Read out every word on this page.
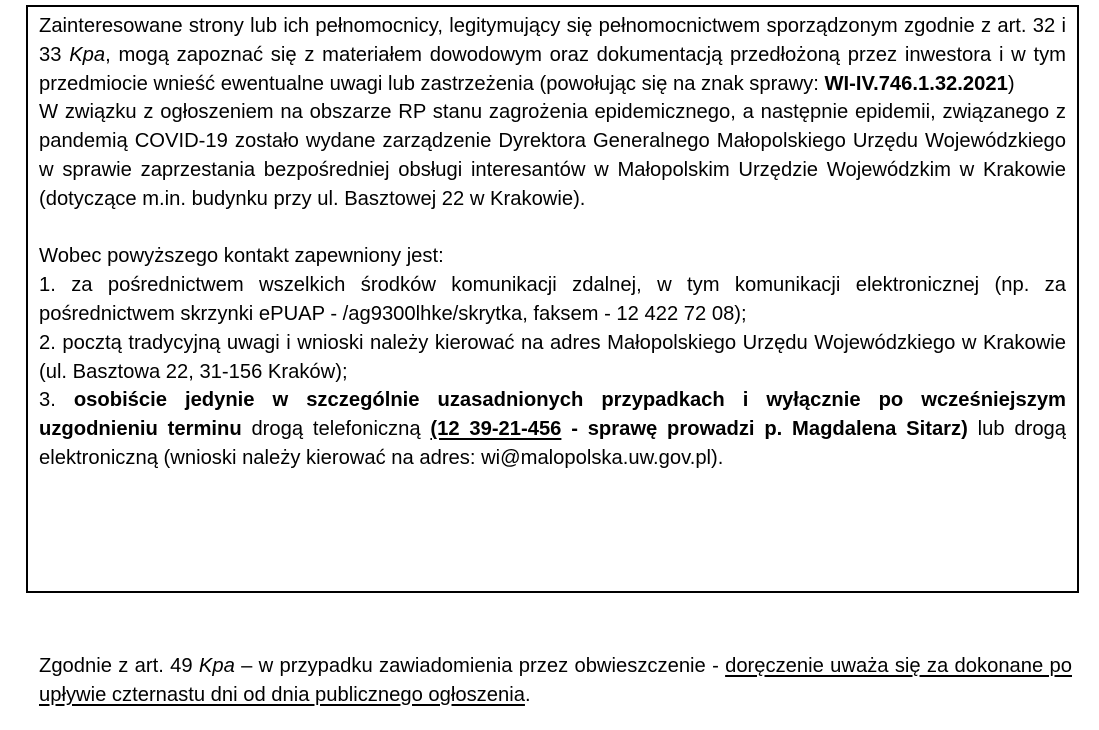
Zainteresowane strony lub ich pełnomocnicy, legitymujący się pełnomocnictwem sporządzonym zgodnie z art. 32 i 33 Kpa, mogą zapoznać się z materiałem dowodowym oraz dokumentacją przedłożoną przez inwestora i w tym przedmiocie wnieść ewentualne uwagi lub zastrzeżenia (powołując się na znak sprawy: WI-IV.746.1.32.2021)

W związku z ogłoszeniem na obszarze RP stanu zagrożenia epidemicznego, a następnie epidemii, związanego z pandemią COVID-19 zostało wydane zarządzenie Dyrektora Generalnego Małopolskiego Urzędu Wojewódzkiego w sprawie zaprzestania bezpośredniej obsługi interesantów w Małopolskim Urzędzie Wojewódzkim w Krakowie (dotyczące m.in. budynku przy ul. Basztowej 22 w Krakowie).

Wobec powyższego kontakt zapewniony jest:

1. za pośrednictwem wszelkich środków komunikacji zdalnej, w tym komunikacji elektronicznej (np. za pośrednictwem skrzynki ePUAP - /ag9300lhke/skrytka, faksem - 12 422 72 08);

2. pocztą tradycyjną uwagi i wnioski należy kierować na adres Małopolskiego Urzędu Wojewódzkiego w Krakowie (ul. Basztowa 22, 31-156 Kraków);

3. osobiście jedynie w szczególnie uzasadnionych przypadkach i wyłącznie po wcześniejszym uzgodnieniu terminu drogą telefoniczną (12 39-21-456 - sprawę prowadzi p. Magdalena Sitarz) lub drogą elektroniczną (wnioski należy kierować na adres: wi@malopolska.uw.gov.pl).

Zgodnie z art. 49 Kpa – w przypadku zawiadomienia przez obwieszczenie - doręczenie uważa się za dokonane po upływie czternastu dni od dnia publicznego ogłoszenia.
